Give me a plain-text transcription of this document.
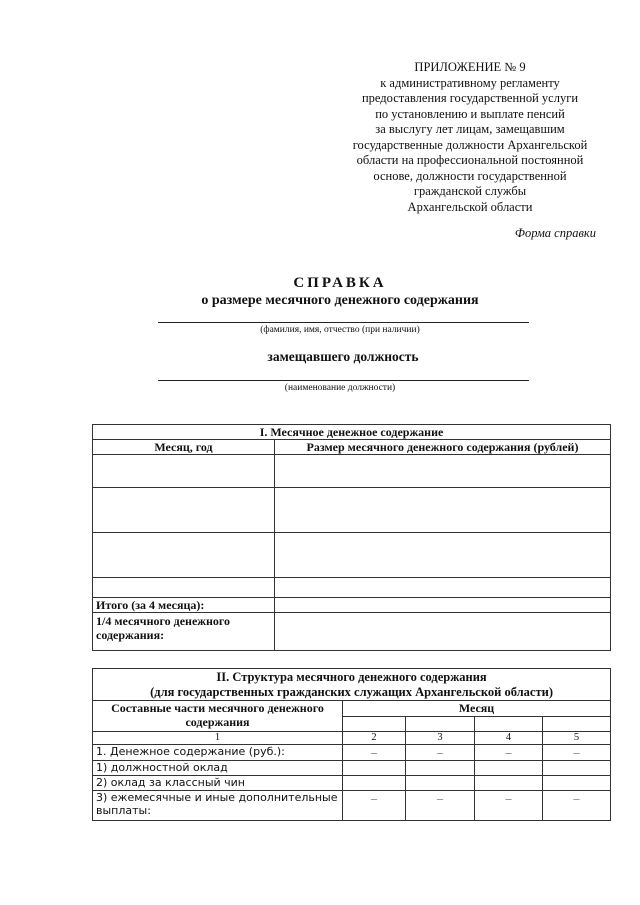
ПРИЛОЖЕНИЕ № 9
к административному регламенту
предоставления государственной услуги
по установлению и выплате пенсий
за выслугу лет лицам, замещавшим
государственные должности Архангельской
области на профессиональной постоянной
основе, должности государственной
гражданской службы
Архангельской области
Форма справки
СПРАВКА
о размере месячного денежного содержания
(фамилия, имя, отчество (при наличии)
замещавшего должность
(наименование должности)
I. Месячное денежное содержание	
Месяц, год	Размер месячного денежного содержания (рублей)

Итого (за 4 месяца):	
1/4 месячного денежного содержания:	
II. Структура месячного денежного содержания
(для государственных гражданских служащих Архангельской области)				

Составные части месячного денежного содержания	Месяц			

1	2	3	4	5
1. Денежное содержание (руб.):	–	–	–	–
1) должностной оклад				
2) оклад за классный чин				
3) ежемесячные и иные дополнительные выплаты:	–	–	–	–
